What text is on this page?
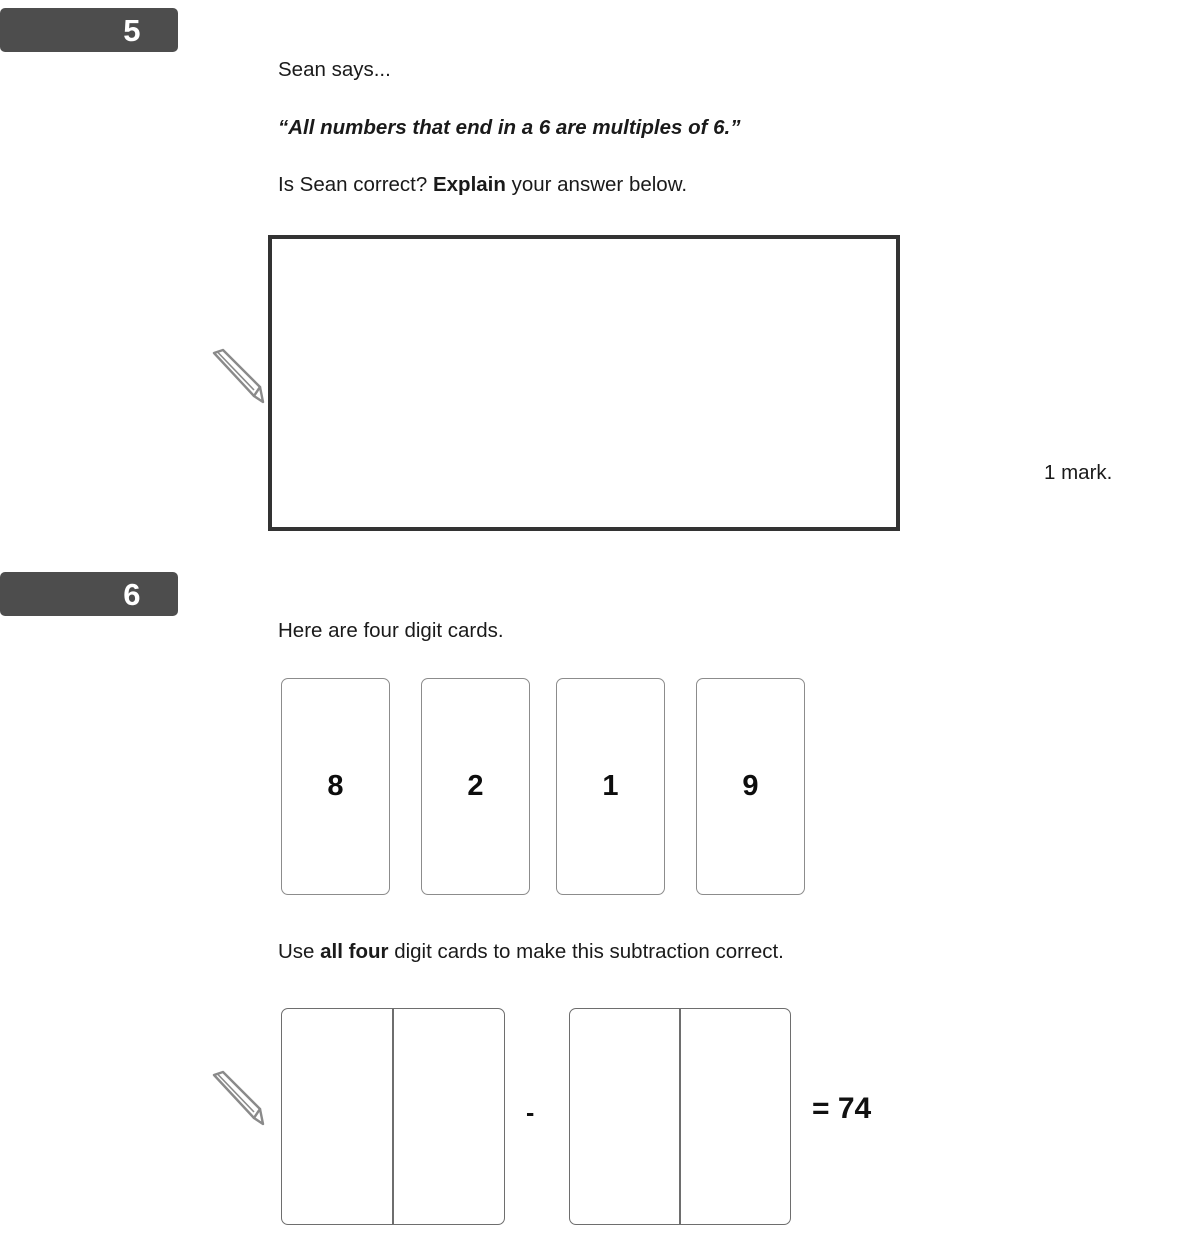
5
Sean says...
“All numbers that end in a 6 are multiples of 6.”
Is Sean correct? Explain your answer below.
1 mark.
6
Here are four digit cards.
8	2	1	9
Use all four digit cards to make this subtraction correct.
-	= 74
